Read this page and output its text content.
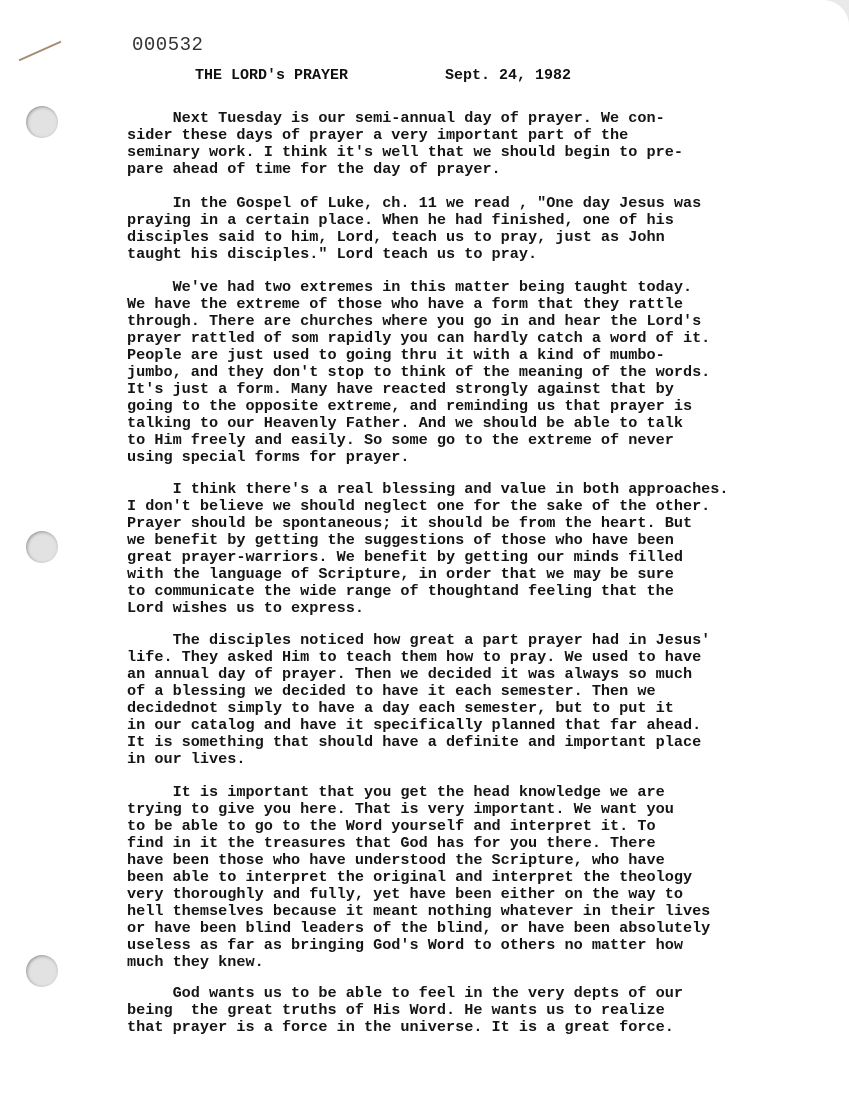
000532
THE LORD's PRAYER	Sept. 24, 1982
Next Tuesday is our semi-annual day of prayer. We con-
sider these days of prayer a very important part of the
seminary work. I think it's well that we should begin to pre-
pare ahead of time for the day of prayer.
In the Gospel of Luke, ch. 11 we read , "One day Jesus was
praying in a certain place. When he had finished, one of his
disciples said to him, Lord, teach us to pray, just as John
taught his disciples." Lord teach us to pray.
We've had two extremes in this matter being taught today.
We have the extreme of those who have a form that they rattle
through. There are churches where you go in and hear the Lord's
prayer rattled of som rapidly you can hardly catch a word of it.
People are just used to going thru it with a kind of mumbo-
jumbo, and they don't stop to think of the meaning of the words.
It's just a form. Many have reacted strongly against that by
going to the opposite extreme, and reminding us that prayer is
talking to our Heavenly Father. And we should be able to talk
to Him freely and easily. So some go to the extreme of never
using special forms for prayer.
I think there's a real blessing and value in both approaches.
I don't believe we should neglect one for the sake of the other.
Prayer should be spontaneous; it should be from the heart. But
we benefit by getting the suggestions of those who have been
great prayer-warriors. We benefit by getting our minds filled
with the language of Scripture, in order that we may be sure
to communicate the wide range of thoughtand feeling that the
Lord wishes us to express.
The disciples noticed how great a part prayer had in Jesus'
life. They asked Him to teach them how to pray. We used to have
an annual day of prayer. Then we decided it was always so much
of a blessing we decided to have it each semester. Then we
decidednot simply to have a day each semester, but to put it
in our catalog and have it specifically planned that far ahead.
It is something that should have a definite and important place
in our lives.
It is important that you get the head knowledge we are
trying to give you here. That is very important. We want you
to be able to go to the Word yourself and interpret it. To
find in it the treasures that God has for you there. There
have been those who have understood the Scripture, who have
been able to interpret the original and interpret the theology
very thoroughly and fully, yet have been either on the way to
hell themselves because it meant nothing whatever in their lives
or have been blind leaders of the blind, or have been absolutely
useless as far as bringing God's Word to others no matter how
much they knew.
God wants us to be able to feel in the very depts of our
being  the great truths of His Word. He wants us to realize
that prayer is a force in the universe. It is a great force.
